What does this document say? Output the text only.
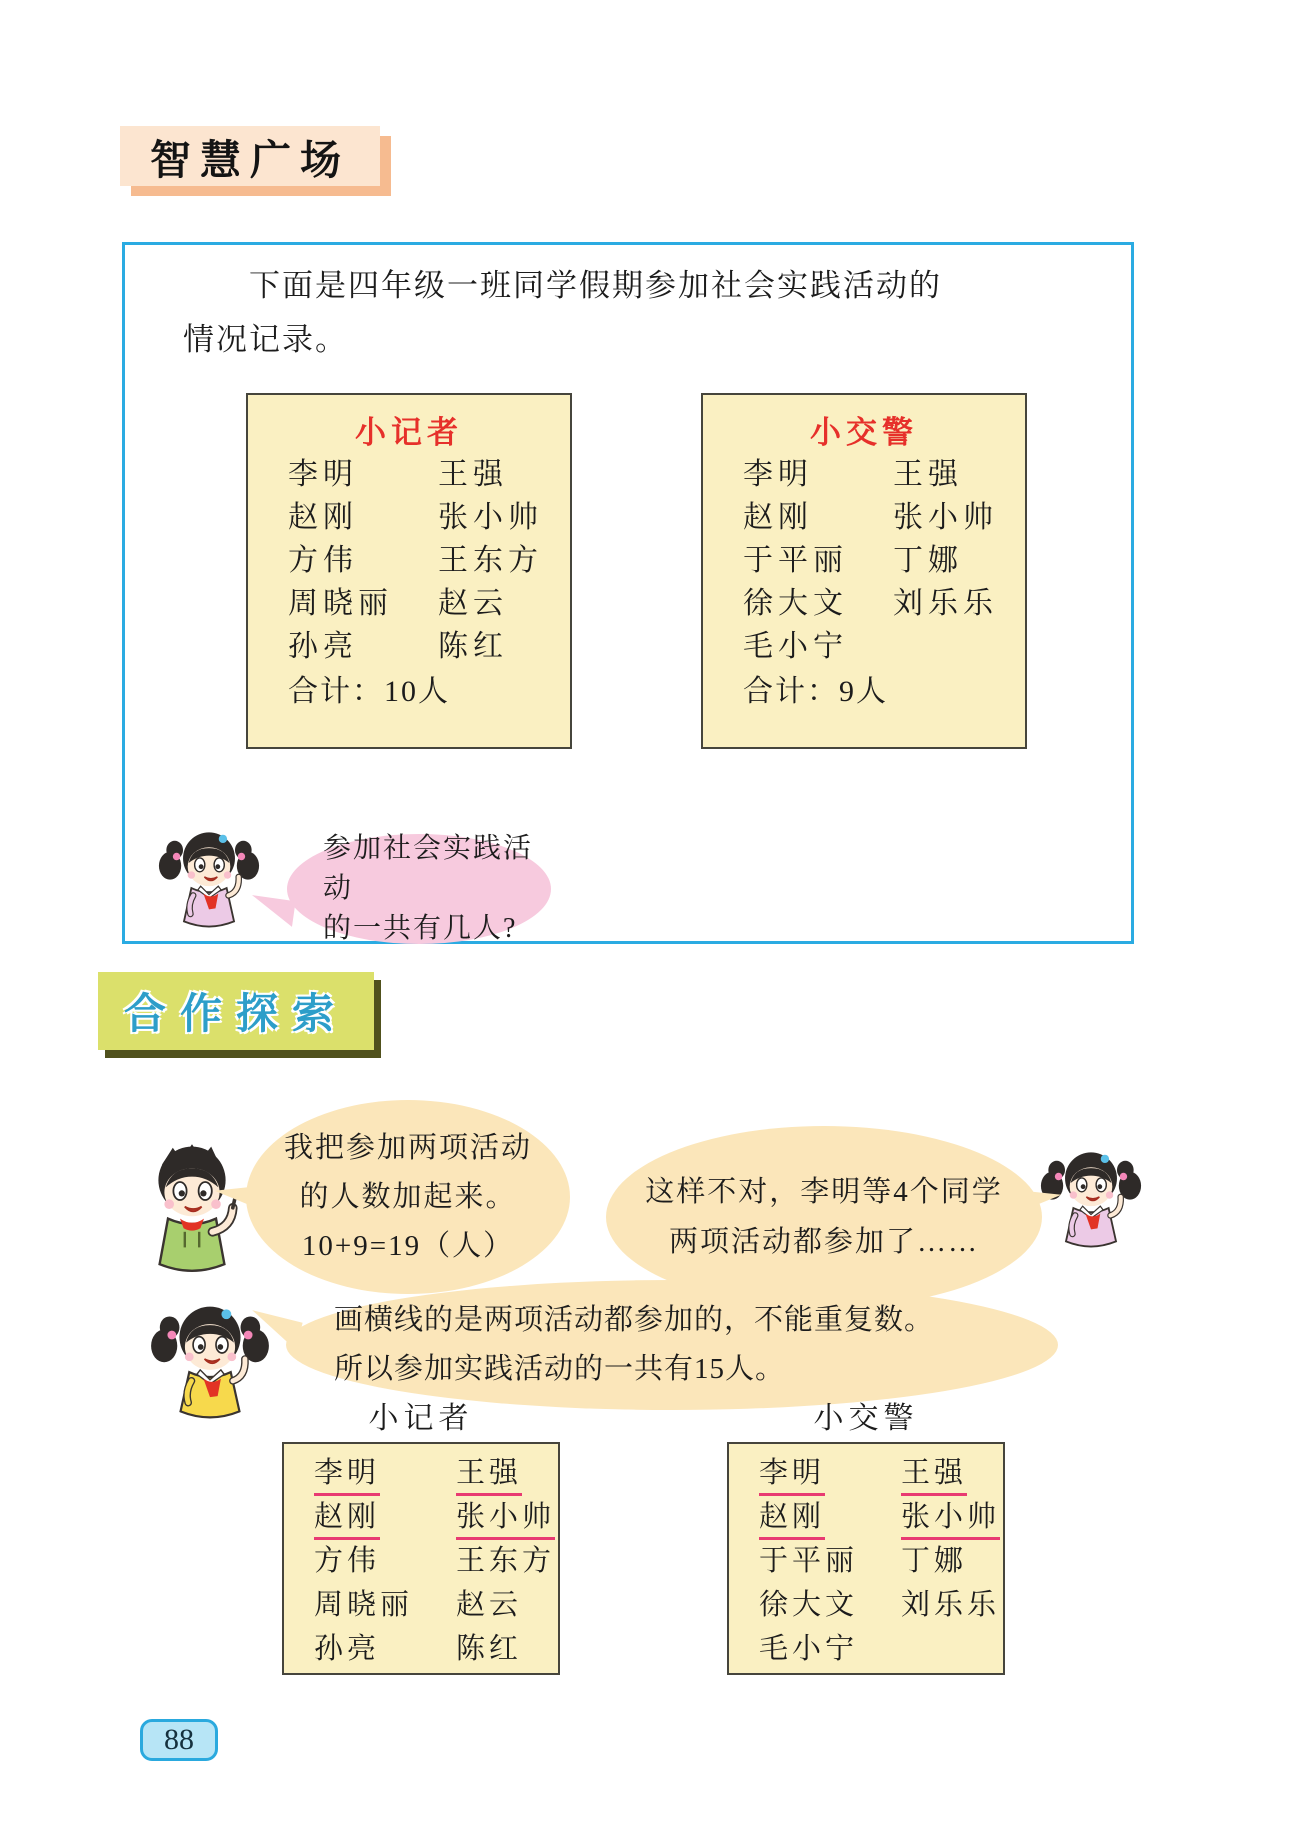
智慧广场
下面是四年级一班同学假期参加社会实践活动的
情况记录。
小记者
李明	王强
赵刚	张小帅
方伟	王东方
周晓丽	赵云
孙亮	陈红
合计：10人
小交警
李明	王强
赵刚	张小帅
于平丽	丁娜
徐大文	刘乐乐
毛小宁
合计：9人
参加社会实践活动
的一共有几人?
合作探索
我把参加两项活动
的人数加起来。
10+9=19（人）
这样不对，李明等4个同学
两项活动都参加了……
画横线的是两项活动都参加的，不能重复数。
所以参加实践活动的一共有15人。
小记者	小交警
李明	王强
赵刚	张小帅
方伟	王东方
周晓丽	赵云
孙亮	陈红
李明	王强
赵刚	张小帅
于平丽	丁娜
徐大文	刘乐乐
毛小宁
88
